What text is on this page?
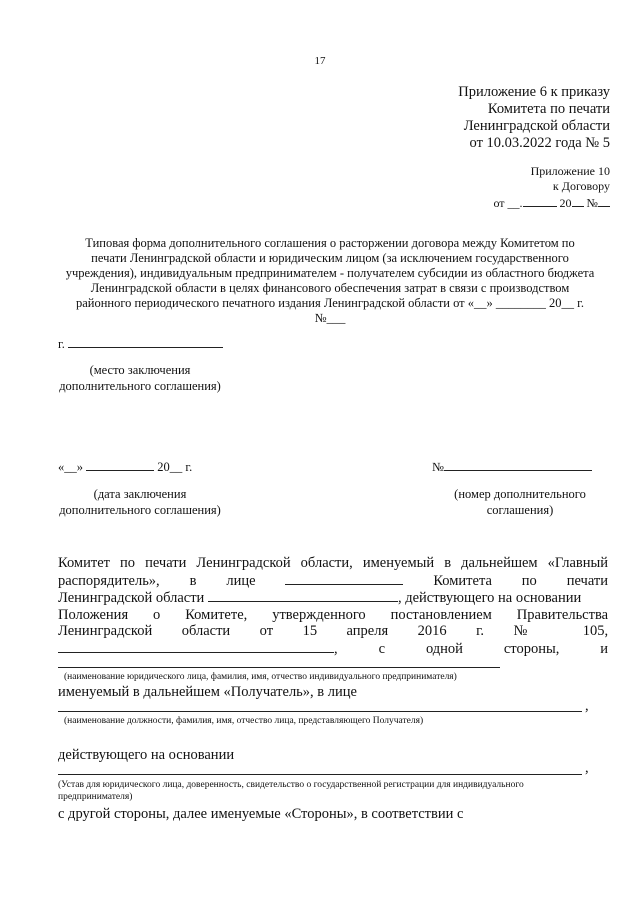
17
Приложение 6 к приказу
Комитета по печати
Ленинградской области
от 10.03.2022 года № 5
Приложение 10
к Договору
от __.	20 №
Типовая форма дополнительного соглашения о расторжении договора между Комитетом по
печати Ленинградской области и юридическим лицом (за исключением государственного
учреждения), индивидуальным предпринимателем - получателем субсидии из областного бюджета
Ленинградской области в целях финансового обеспечения затрат в связи с производством
районного периодического печатного издания Ленинградской области от «__» ________ 20__ г.
№___
г.
(место заключения
дополнительного соглашения)
«__»	20__ г.
(дата заключения
дополнительного соглашения)
№
(номер дополнительного
соглашения)
Комитет по печати Ленинградской области, именуемый в дальнейшем «Главный
распорядитель», в лице	Комитета по печати
Ленинградской области	, действующего на основании
Положения о Комитете, утвержденного постановлением Правительства
Ленинградской области от 15 апреля 2016 г. № 105,
,	с	одной	стороны,	и
(наименование юридического лица, фамилия, имя, отчество индивидуального предпринимателя)
именуемый в дальнейшем «Получатель», в лице
,
(наименование должности, фамилия, имя, отчество лица, представляющего Получателя)
действующего на основании
,
(Устав для юридического лица, доверенность, свидетельство о государственной регистрации для индивидуального
предпринимателя)
с другой стороны, далее именуемые «Стороны», в соответствии с
